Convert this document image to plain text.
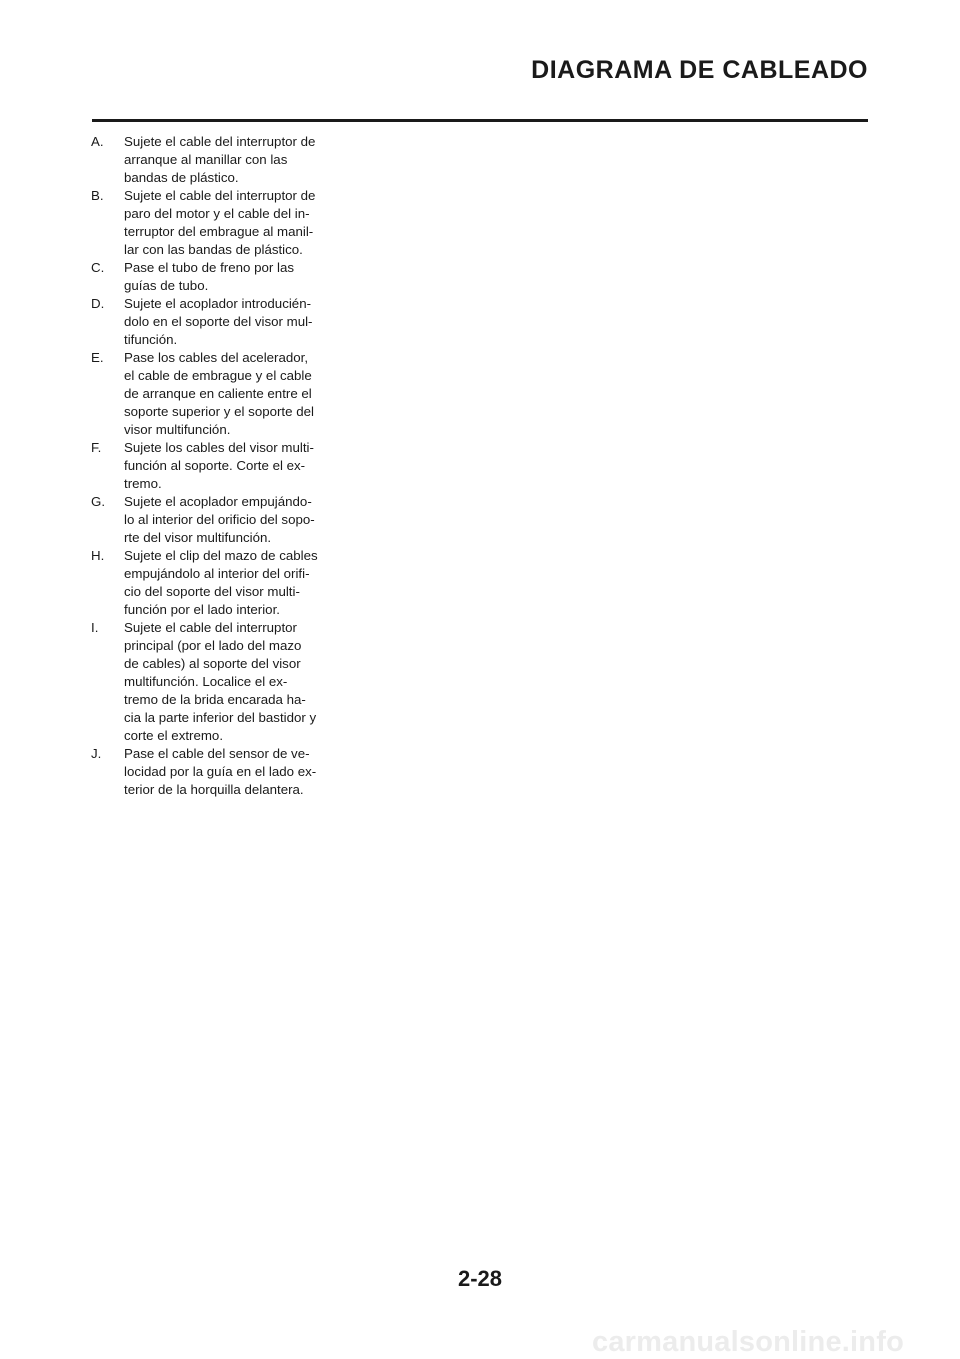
DIAGRAMA DE CABLEADO
A. Sujete el cable del interruptor de
arranque al manillar con las
bandas de plástico.
B. Sujete el cable del interruptor de
paro del motor y el cable del in-
terruptor del embrague al manil-
lar con las bandas de plástico.
C. Pase el tubo de freno por las
guías de tubo.
D. Sujete el acoplador introducién-
dolo en el soporte del visor mul-
tifunción.
E. Pase los cables del acelerador,
el cable de embrague y el cable
de arranque en caliente entre el
soporte superior y el soporte del
visor multifunción.
F. Sujete los cables del visor multi-
función al soporte. Corte el ex-
tremo.
G. Sujete el acoplador empujándo-
lo al interior del orificio del sopo-
rte del visor multifunción.
H. Sujete el clip del mazo de cables
empujándolo al interior del orifi-
cio del soporte del visor multi-
función por el lado interior.
I. Sujete el cable del interruptor
principal (por el lado del mazo
de cables) al soporte del visor
multifunción. Localice el ex-
tremo de la brida encarada ha-
cia la parte inferior del bastidor y
corte el extremo.
J. Pase el cable del sensor de ve-
locidad por la guía en el lado ex-
terior de la horquilla delantera.
2-28
carmanualsonline.info
